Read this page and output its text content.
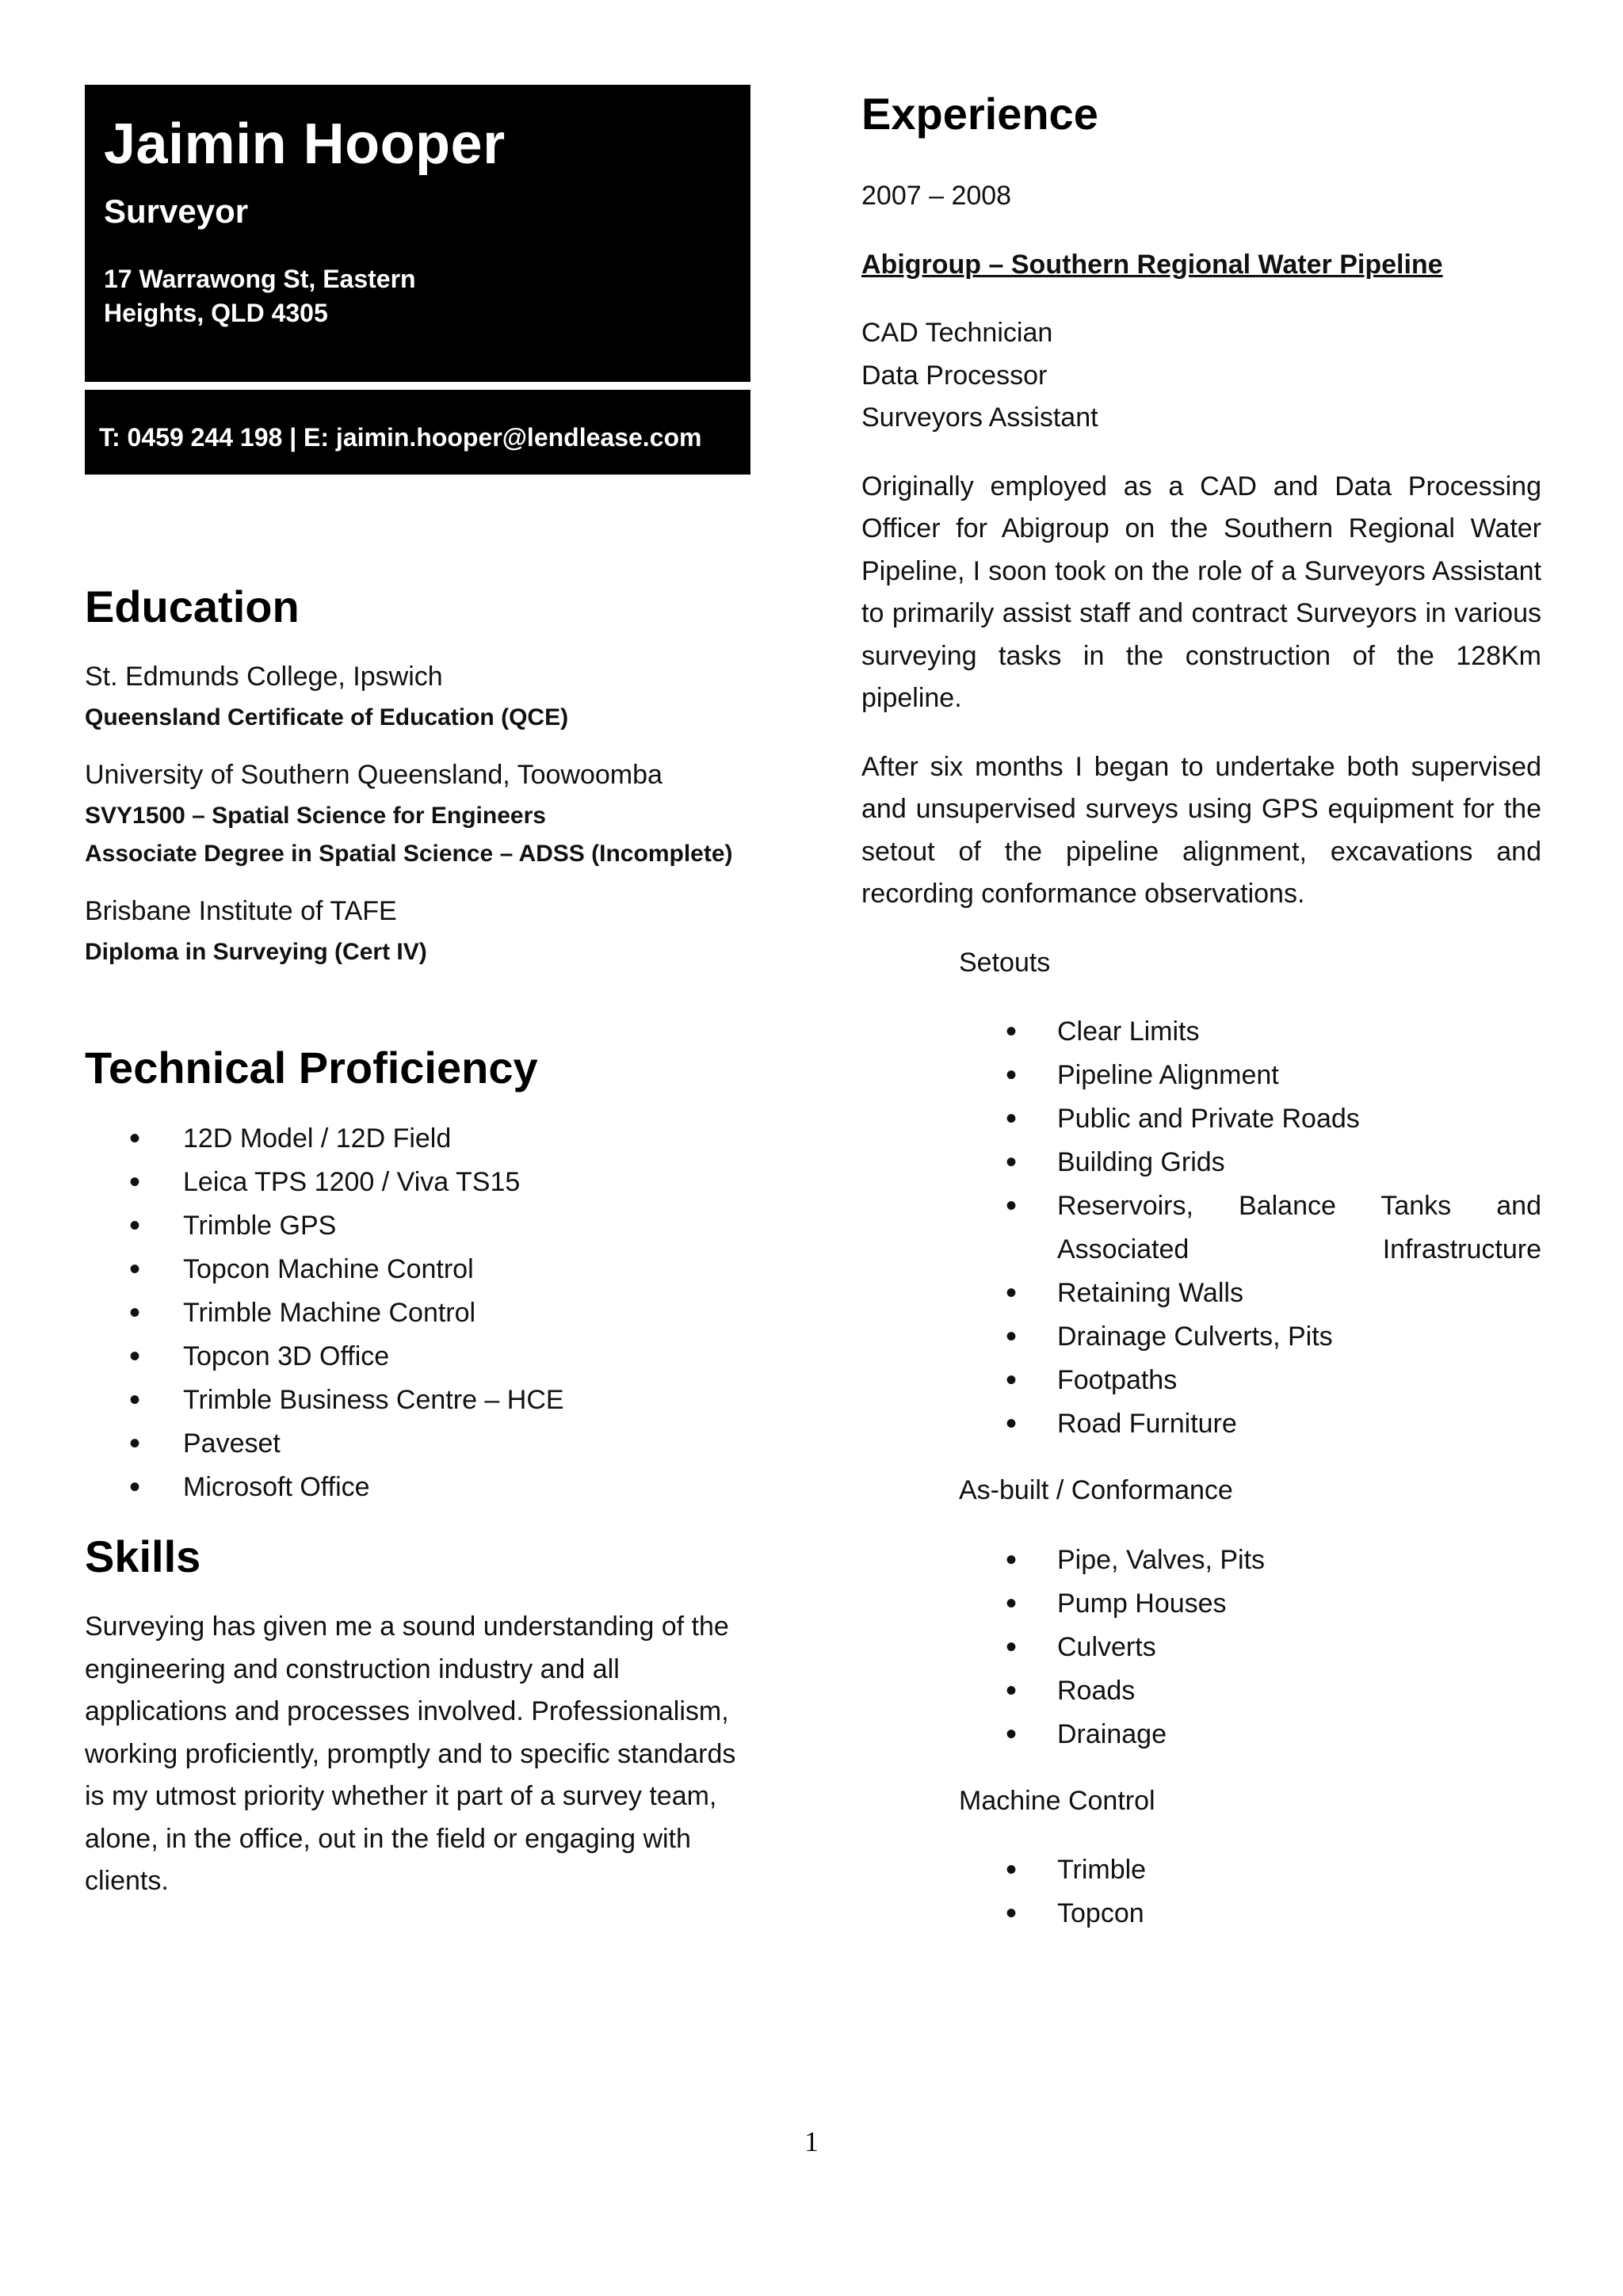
Jaimin Hooper
Surveyor
17 Warrawong St, Eastern
Heights, QLD 4305
T: 0459 244 198 | E: jaimin.hooper@lendlease.com
Education
St. Edmunds College, Ipswich
Queensland Certificate of Education (QCE)
University of Southern Queensland, Toowoomba
SVY1500 – Spatial Science for Engineers
Associate Degree in Spatial Science – ADSS (Incomplete)
Brisbane Institute of TAFE
Diploma in Surveying (Cert IV)
Technical Proficiency
• 12D Model / 12D Field
• Leica TPS 1200 / Viva TS15
• Trimble GPS
• Topcon Machine Control
• Trimble Machine Control
• Topcon 3D Office
• Trimble Business Centre – HCE
• Paveset
• Microsoft Office
Skills
Surveying has given me a sound understanding of the engineering and construction industry and all applications and processes involved. Professionalism, working proficiently, promptly and to specific standards is my utmost priority whether it part of a survey team, alone, in the office, out in the field or engaging with clients.
Experience

2007 – 2008

Abigroup – Southern Regional Water Pipeline

CAD Technician
Data Processor
Surveyors Assistant

Originally employed as a CAD and Data Processing Officer for Abigroup on the Southern Regional Water Pipeline, I soon took on the role of a Surveyors Assistant to primarily assist staff and contract Surveyors in various surveying tasks in the construction of the 128Km pipeline.

After six months I began to undertake both supervised and unsupervised surveys using GPS equipment for the setout of the pipeline alignment, excavations and recording conformance observations.

Setouts
• Clear Limits
• Pipeline Alignment
• Public and Private Roads
• Building Grids
• Reservoirs, Balance Tanks and
Associated Infrastructure
• Retaining Walls
• Drainage Culverts, Pits
• Footpaths
• Road Furniture
As-built / Conformance
• Pipe, Valves, Pits
• Pump Houses
• Culverts
• Roads
• Drainage
Machine Control
• Trimble
• Topcon
1
